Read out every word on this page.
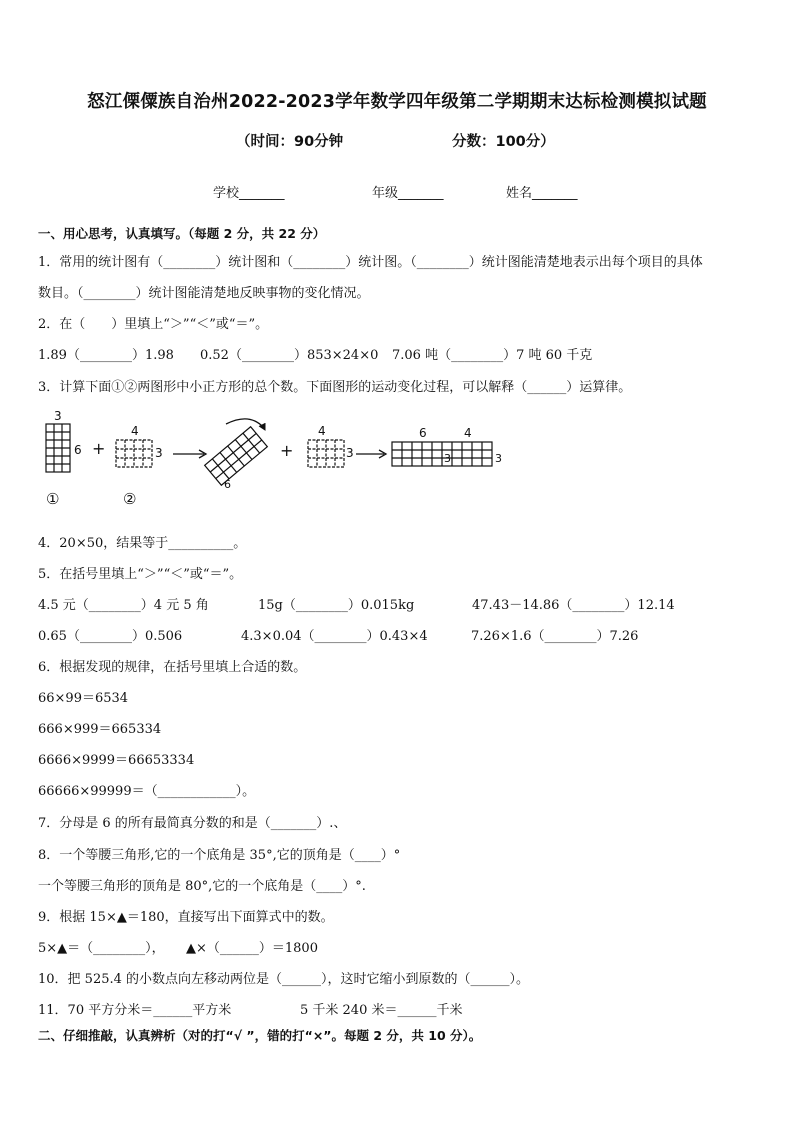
怒江傈僳族自治州2022-2023学年数学四年级第二学期期末达标检测模拟试题
（时间：90分钟	分数：100分）
学校_______	年级_______	姓名_______
一、用心思考，认真填写。（每题 2 分，共 22 分）
1．常用的统计图有（________）统计图和（________）统计图。（________）统计图能清楚地表示出每个项目的具体
数目。（________）统计图能清楚地反映事物的变化情况。
2．在（　　）里填上“＞”“＜”或“＝”。
1.89（________）1.98 0.52（________）853×24×0 7.06 吨（________）7 吨 60 千克
3．计算下面①②两图形中小正方形的总个数。下面图形的运动变化过程，可以解释（______）运算律。
3
6 +
4
3
①	②
6
+
4
3
6	4
3	3
4．20×50，结果等于__________。
5．在括号里填上“＞”“＜”或“＝”。
4.5 元（________）4 元 5 角	15g（________）0.015kg	47.43－14.86（________）12.14
0.65（________）0.506	4.3×0.04（________）0.43×4	7.26×1.6（________）7.26
6．根据发现的规律，在括号里填上合适的数。
66×99＝6534
666×999＝665334
6666×9999＝66653334
66666×99999＝（____________）。
7．分母是 6 的所有最简真分数的和是（_______）.、
8．一个等腰三角形,它的一个底角是 35°,它的顶角是（____）°
一个等腰三角形的顶角是 80°,它的一个底角是（____）°.
9．根据 15×▲＝180，直接写出下面算式中的数。
5×▲＝（________）， ▲×（______）＝1800
10．把 525.4 的小数点向左移动两位是（______），这时它缩小到原数的（______）。
11．70 平方分米＝______平方米	5 千米 240 米＝______千米
二、仔细推敲，认真辨析（对的打“√ ”，错的打“×”。每题 2 分，共 10 分）。
